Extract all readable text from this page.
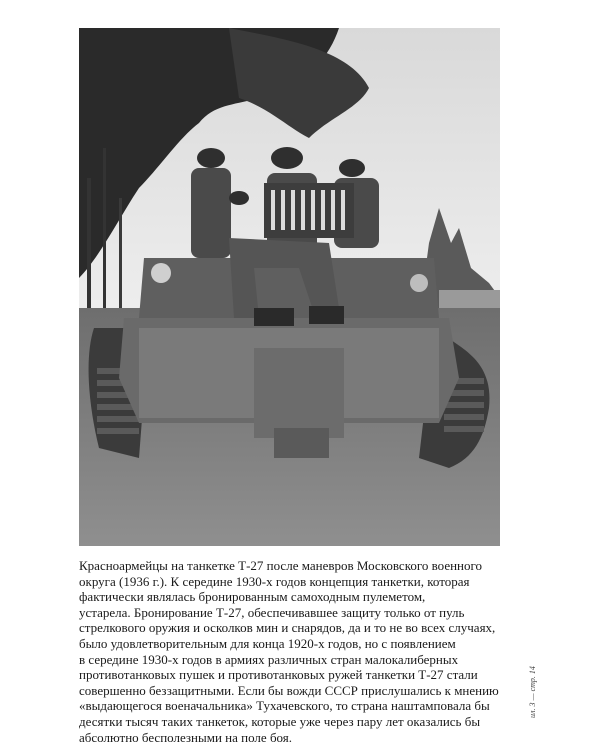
Красноармейцы на танкетке Т-27 после маневров Московского военного

округа (1936 г.). К середине 1930-х годов концепция танкетки, которая

фактически являлась бронированным самоходным пулеметом,

устарела. Бронирование Т-27, обеспечивавшее защиту только от пуль

стрелкового оружия и осколков мин и снарядов, да и то не во всех случаях,

было удовлетворительным для конца 1920-х годов, но с появлением

в середине 1930-х годов в армиях различных стран малокалиберных

противотанковых пушек и противотанковых ружей танкетки Т-27 стали

совершенно беззащитными. Если бы вожди СССР прислушались к мнению

«выдающегося военачальника» Тухачевского, то страна наштамповала бы

десятки тысяч таких танкеток, которые уже через пару лет оказались бы

абсолютно бесполезными на поле боя.

ил. 3 — стр. 14
